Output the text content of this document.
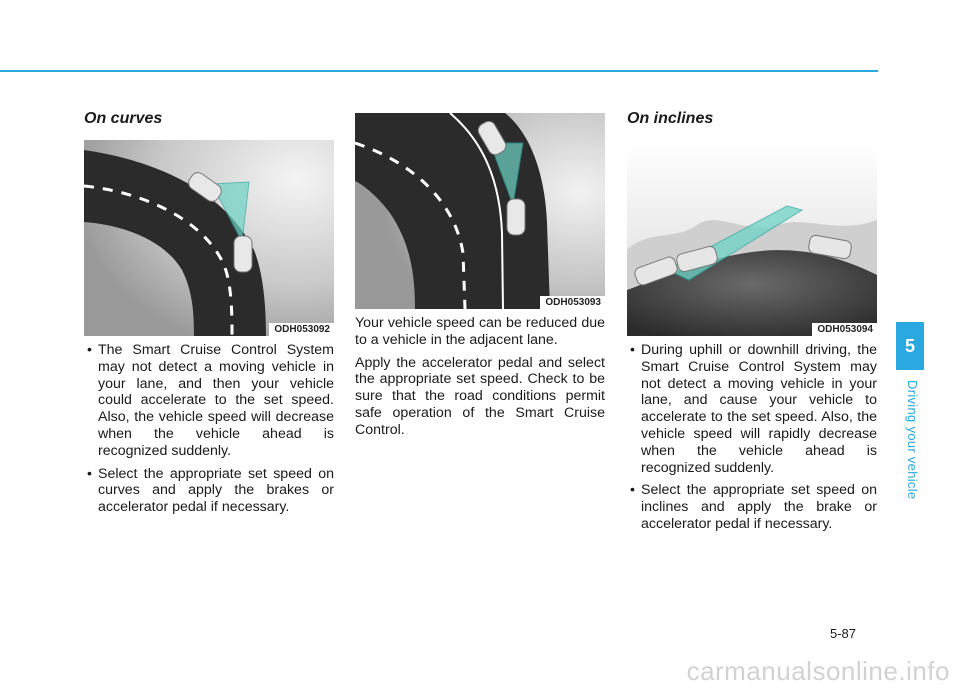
On curves
ODH053092
• The Smart Cruise Control System may not detect a moving vehicle in your lane, and then your vehicle could accelerate to the set speed. Also, the vehicle speed will decrease when the vehicle ahead is recognized suddenly.
• Select the appropriate set speed on curves and apply the brakes or accelerator pedal if necessary.
ODH053093

Your vehicle speed can be reduced due to a vehicle in the adjacent lane.

Apply the accelerator pedal and select the appropriate set speed. Check to be sure that the road conditions permit safe operation of the Smart Cruise Control.

On inclines
ODH053094
• During uphill or downhill driving, the Smart Cruise Control System may not detect a moving vehicle in your lane, and cause your vehicle to accelerate to the set speed. Also, the vehicle speed will rapidly decrease when the vehicle ahead is recognized suddenly.
• Select the appropriate set speed on inclines and apply the brake or accelerator pedal if necessary.
5
Driving your vehicle
5-87
carmanualsonline.info
